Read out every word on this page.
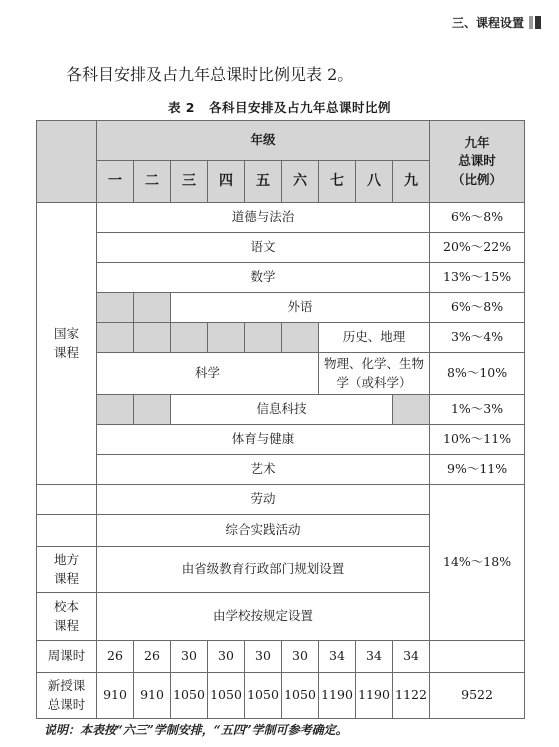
三、课程设置
各科目安排及占九年总课时比例见表 2。
表 2 各科目安排及占九年总课时比例
	年级									九年
总课时
（比例）

	一	二	三	四	五	六	七	八	九	

国家
课程	道德与法治									6%～8%
	语文									20%～22%
	数学									13%～15%
			外语							6%～8%
							历史、地理			3%～4%
	科学						物理、化学、生物
学（或科学）			8%～10%
			信息科技							1%～3%
	体育与健康									10%～11%
	艺术									9%～11%
	劳动									14%～18%
	综合实践活动									

地方
课程	由省级教育行政部门规划设置									

校本
课程	由学校按规定设置									
周课时	26	26	30	30	30	30	34	34	34	

新授课
总课时	910	910	1050	1050	1050	1050	1190	1190	1122	9522
说明：本表按“六三”学制安排，“五四”学制可参考确定。
